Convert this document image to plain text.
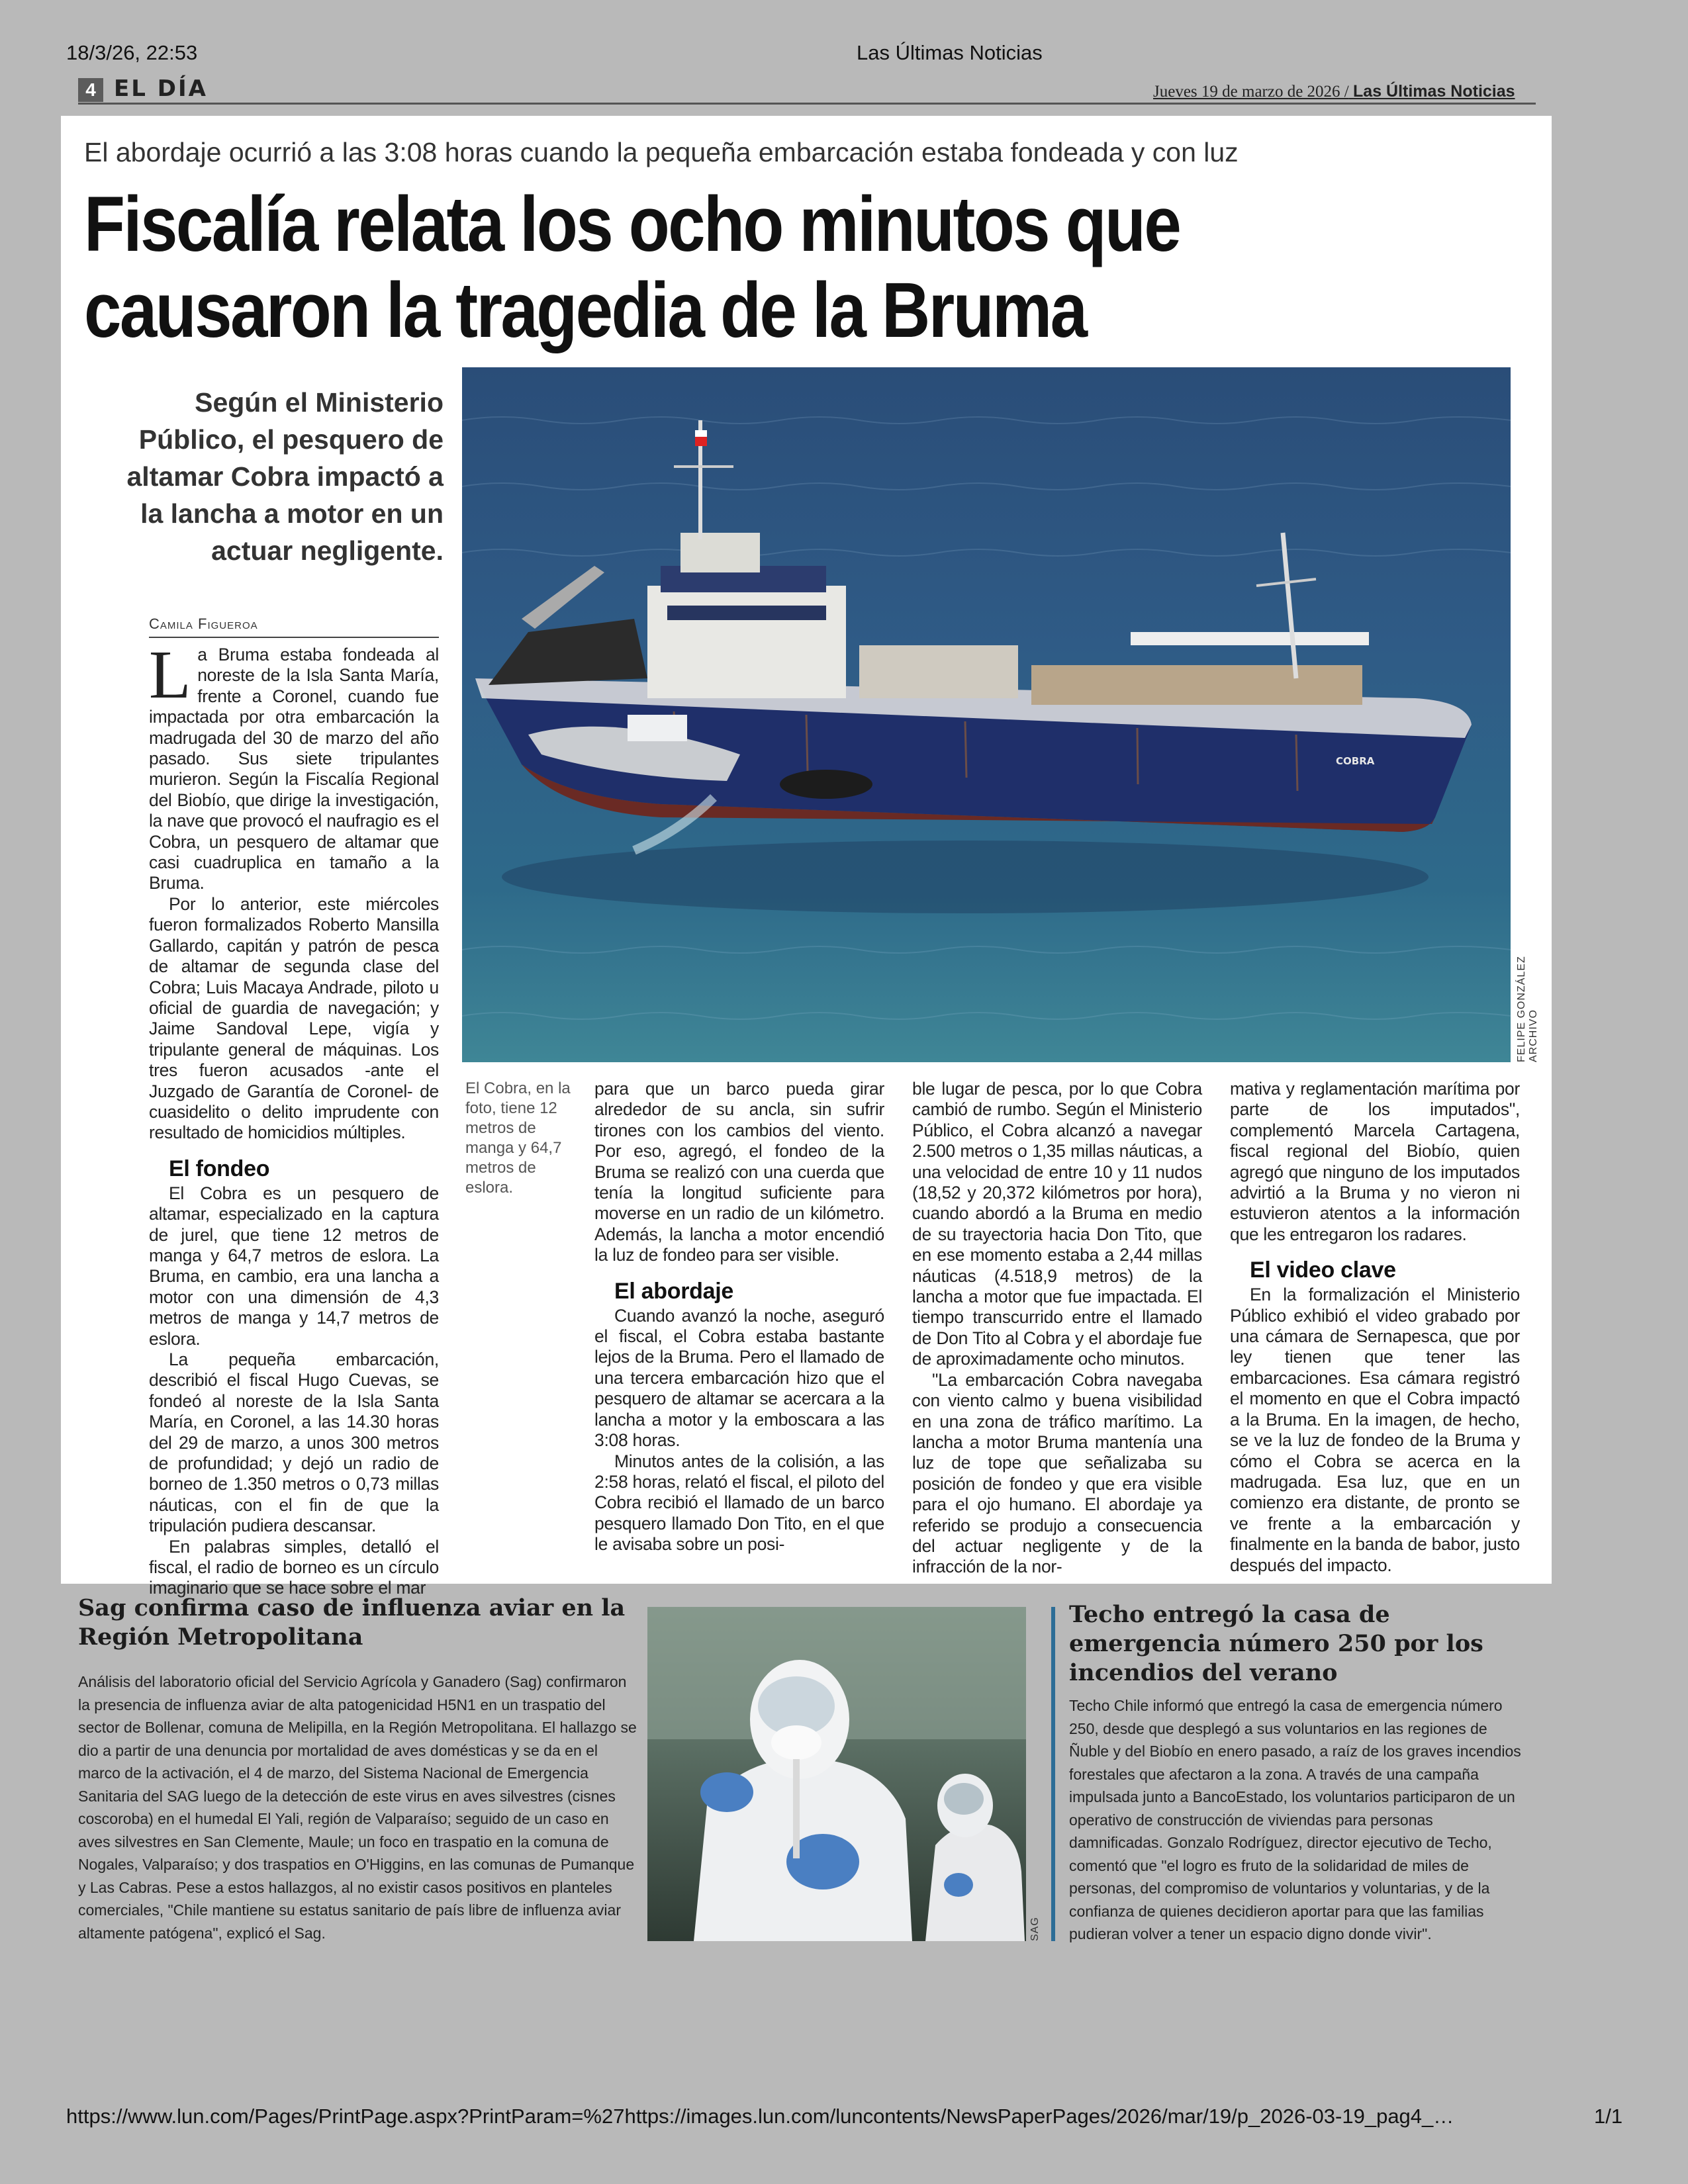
18/3/26, 22:53	Las Últimas Noticias
4 EL DÍA	Jueves 19 de marzo de 2026 / Las Últimas Noticias
El abordaje ocurrió a las 3:08 horas cuando la pequeña embarcación estaba fondeada y con luz
Fiscalía relata los ocho minutos que
causaron la tragedia de la Bruma
Según el Ministerio Público, el pesquero de altamar Cobra impactó a la lancha a motor en un actuar negligente.
COBRA
FELIPE GONZÁLEZ ARCHIVO
Camila Figueroa

La Bruma estaba fondeada al noreste de la Isla Santa María, frente a Coronel, cuando fue impactada por otra embarcación la madrugada del 30 de marzo del año pasado. Sus siete tripulantes murieron. Según la Fiscalía Regional del Biobío, que dirige la investigación, la nave que provocó el naufragio es el Cobra, un pesquero de altamar que casi cuadruplica en tamaño a la Bruma.

Por lo anterior, este miércoles fueron formalizados Roberto Mansilla Gallardo, capitán y patrón de pesca de altamar de segunda clase del Cobra; Luis Macaya Andrade, piloto u oficial de guardia de navegación; y Jaime Sandoval Lepe, vigía y tripulante general de máquinas. Los tres fueron acusados -ante el Juzgado de Garantía de Coronel- de cuasidelito o delito imprudente con resultado de homicidios múltiples.

El fondeo

El Cobra es un pesquero de altamar, especializado en la captura de jurel, que tiene 12 metros de manga y 64,7 metros de eslora. La Bruma, en cambio, era una lancha a motor con una dimensión de 4,3 metros de manga y 14,7 metros de eslora.

La pequeña embarcación, describió el fiscal Hugo Cuevas, se fondeó al noreste de la Isla Santa María, en Coronel, a las 14.30 horas del 29 de marzo, a unos 300 metros de profundidad; y dejó un radio de borneo de 1.350 metros o 0,73 millas náuticas, con el fin de que la tripulación pudiera descansar.

En palabras simples, detalló el fiscal, el radio de borneo es un círculo imaginario que se hace sobre el mar

El Cobra, en la foto, tiene 12 metros de manga y 64,7 metros de eslora.

para que un barco pueda girar alrededor de su ancla, sin sufrir tirones con los cambios del viento. Por eso, agregó, el fondeo de la Bruma se realizó con una cuerda que tenía la longitud suficiente para moverse en un radio de un kilómetro. Además, la lancha a motor encendió la luz de fondeo para ser visible.

El abordaje

Cuando avanzó la noche, aseguró el fiscal, el Cobra estaba bastante lejos de la Bruma. Pero el llamado de una tercera embarcación hizo que el pesquero de altamar se acercara a la lancha a motor y la emboscara a las 3:08 horas.

Minutos antes de la colisión, a las 2:58 horas, relató el fiscal, el piloto del Cobra recibió el llamado de un barco pesquero llamado Don Tito, en el que le avisaba sobre un posi-

ble lugar de pesca, por lo que Cobra cambió de rumbo. Según el Ministerio Público, el Cobra alcanzó a navegar 2.500 metros o 1,35 millas náuticas, a una velocidad de entre 10 y 11 nudos (18,52 y 20,372 kilómetros por hora), cuando abordó a la Bruma en medio de su trayectoria hacia Don Tito, que en ese momento estaba a 2,44 millas náuticas (4.518,9 metros) de la lancha a motor que fue impactada. El tiempo transcurrido entre el llamado de Don Tito al Cobra y el abordaje fue de aproximadamente ocho minutos.

"La embarcación Cobra navegaba con viento calmo y buena visibilidad en una zona de tráfico marítimo. La lancha a motor Bruma mantenía una luz de tope que señalizaba su posición de fondeo y que era visible para el ojo humano. El abordaje ya referido se produjo a consecuencia del actuar negligente y de la infracción de la nor-

mativa y reglamentación marítima por parte de los imputados", complementó Marcela Cartagena, fiscal regional del Biobío, quien agregó que ninguno de los imputados advirtió a la Bruma y no vieron ni estuvieron atentos a la información que les entregaron los radares.

El video clave

En la formalización el Ministerio Público exhibió el video grabado por una cámara de Sernapesca, que por ley tienen que tener las embarcaciones. Esa cámara registró el momento en que el Cobra impactó a la Bruma. En la imagen, de hecho, se ve la luz de fondeo de la Bruma y cómo el Cobra se acerca en la madrugada. Esa luz, que en un comienzo era distante, de pronto se ve frente a la embarcación y finalmente en la banda de babor, justo después del impacto.

Sag confirma caso de influenza aviar en la Región Metropolitana
Análisis del laboratorio oficial del Servicio Agrícola y Ganadero (Sag) confirmaron la presencia de influenza aviar de alta patogenicidad H5N1 en un traspatio del sector de Bollenar, comuna de Melipilla, en la Región Metropolitana. El hallazgo se dio a partir de una denuncia por mortalidad de aves domésticas y se da en el marco de la activación, el 4 de marzo, del Sistema Nacional de Emergencia Sanitaria del SAG luego de la detección de este virus en aves silvestres (cisnes coscoroba) en el humedal El Yali, región de Valparaíso; seguido de un caso en aves silvestres en San Clemente, Maule; un foco en traspatio en la comuna de Nogales, Valparaíso; y dos traspatios en O'Higgins, en las comunas de Pumanque y Las Cabras. Pese a estos hallazgos, al no existir casos positivos en planteles comerciales, "Chile mantiene su estatus sanitario de país libre de influenza aviar altamente patógena", explicó el Sag.	SAG
Techo entregó la casa de emergencia número 250 por los incendios del verano
Techo Chile informó que entregó la casa de emergencia número 250, desde que desplegó a sus voluntarios en las regiones de Ñuble y del Biobío en enero pasado, a raíz de los graves incendios forestales que afectaron a la zona. A través de una campaña impulsada junto a BancoEstado, los voluntarios participaron de un operativo de construcción de viviendas para personas damnificadas. Gonzalo Rodríguez, director ejecutivo de Techo, comentó que "el logro es fruto de la solidaridad de miles de personas, del compromiso de voluntarios y voluntarias, y de la confianza de quienes decidieron aportar para que las familias pudieran volver a tener un espacio digno donde vivir".
https://www.lun.com/Pages/PrintPage.aspx?PrintParam=%27https://images.lun.com/luncontents/NewsPaperPages/2026/mar/19/p_2026-03-19_pag4_…	1/1
